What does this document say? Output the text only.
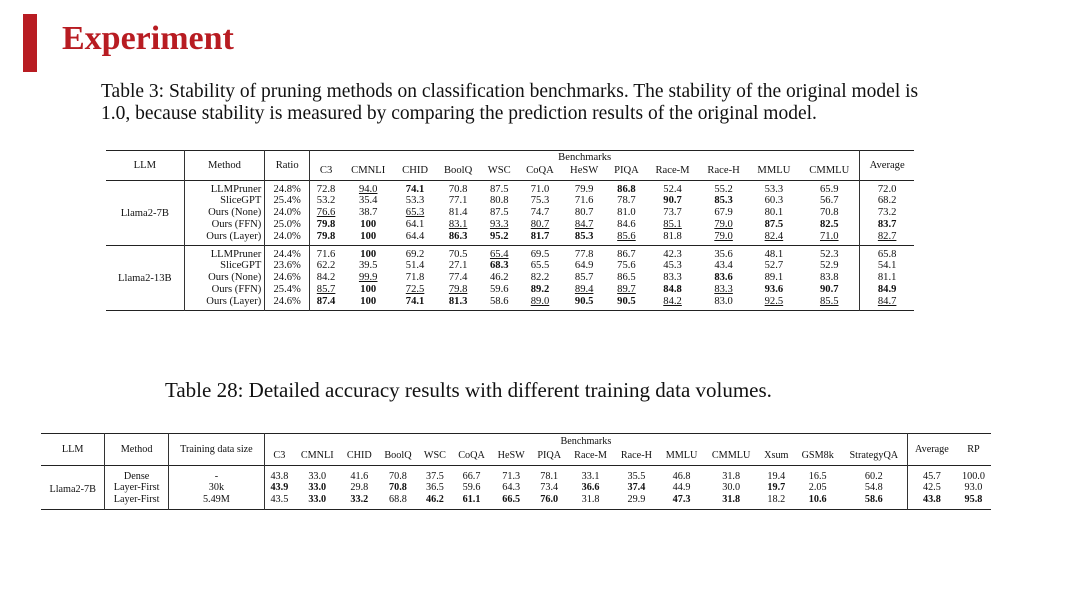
Experiment

Table 3: Stability of pruning methods on classification benchmarks. The stability of the original model is 1.0, because stability is measured by comparing the prediction results of the original model.

LLM	Method	Ratio	Benchmarks												Average
			C3	CMNLI	CHID	BoolQ	WSC	CoQA	HeSW	PIQA	Race-M	Race-H	MMLU	CMMLU	
Llama2-7B	LLMPruner	24.8%	72.8	94.0	74.1	70.8	87.5	71.0	79.9	86.8	52.4	55.2	53.3	65.9	72.0
	SliceGPT	25.4%	53.2	35.4	53.3	77.1	80.8	75.3	71.6	78.7	90.7	85.3	60.3	56.7	68.2
	Ours (None)	24.0%	76.6	38.7	65.3	81.4	87.5	74.7	80.7	81.0	73.7	67.9	80.1	70.8	73.2
	Ours (FFN)	25.0%	79.8	100	64.1	83.1	93.3	80.7	84.7	84.6	85.1	79.0	87.5	82.5	83.7
	Ours (Layer)	24.0%	79.8	100	64.4	86.3	95.2	81.7	85.3	85.6	81.8	79.0	82.4	71.0	82.7
Llama2-13B	LLMPruner	24.4%	71.6	100	69.2	70.5	65.4	69.5	77.8	86.7	42.3	35.6	48.1	52.3	65.8
	SliceGPT	23.6%	62.2	39.5	51.4	27.1	68.3	65.5	64.9	75.6	45.3	43.4	52.7	52.9	54.1
	Ours (None)	24.6%	84.2	99.9	71.8	77.4	46.2	82.2	85.7	86.5	83.3	83.6	89.1	83.8	81.1
	Ours (FFN)	25.4%	85.7	100	72.5	79.8	59.6	89.2	89.4	89.7	84.8	83.3	93.6	90.7	84.9
	Ours (Layer)	24.6%	87.4	100	74.1	81.3	58.6	89.0	90.5	90.5	84.2	83.0	92.5	85.5	84.7

Table 28: Detailed accuracy results with different training data volumes.

LLM	Method	Training data size	Benchmarks															Average	RP
			C3	CMNLI	CHID	BoolQ	WSC	CoQA	HeSW	PIQA	Race-M	Race-H	MMLU	CMMLU	Xsum	GSM8k	StrategyQA		
Llama2-7B	Dense	-	43.8	33.0	41.6	70.8	37.5	66.7	71.3	78.1	33.1	35.5	46.8	31.8	19.4	16.5	60.2	45.7	100.0
	Layer-First	30k	43.9	33.0	29.8	70.8	36.5	59.6	64.3	73.4	36.6	37.4	44.9	30.0	19.7	2.05	54.8	42.5	93.0
	Layer-First	5.49M	43.5	33.0	33.2	68.8	46.2	61.1	66.5	76.0	31.8	29.9	47.3	31.8	18.2	10.6	58.6	43.8	95.8
